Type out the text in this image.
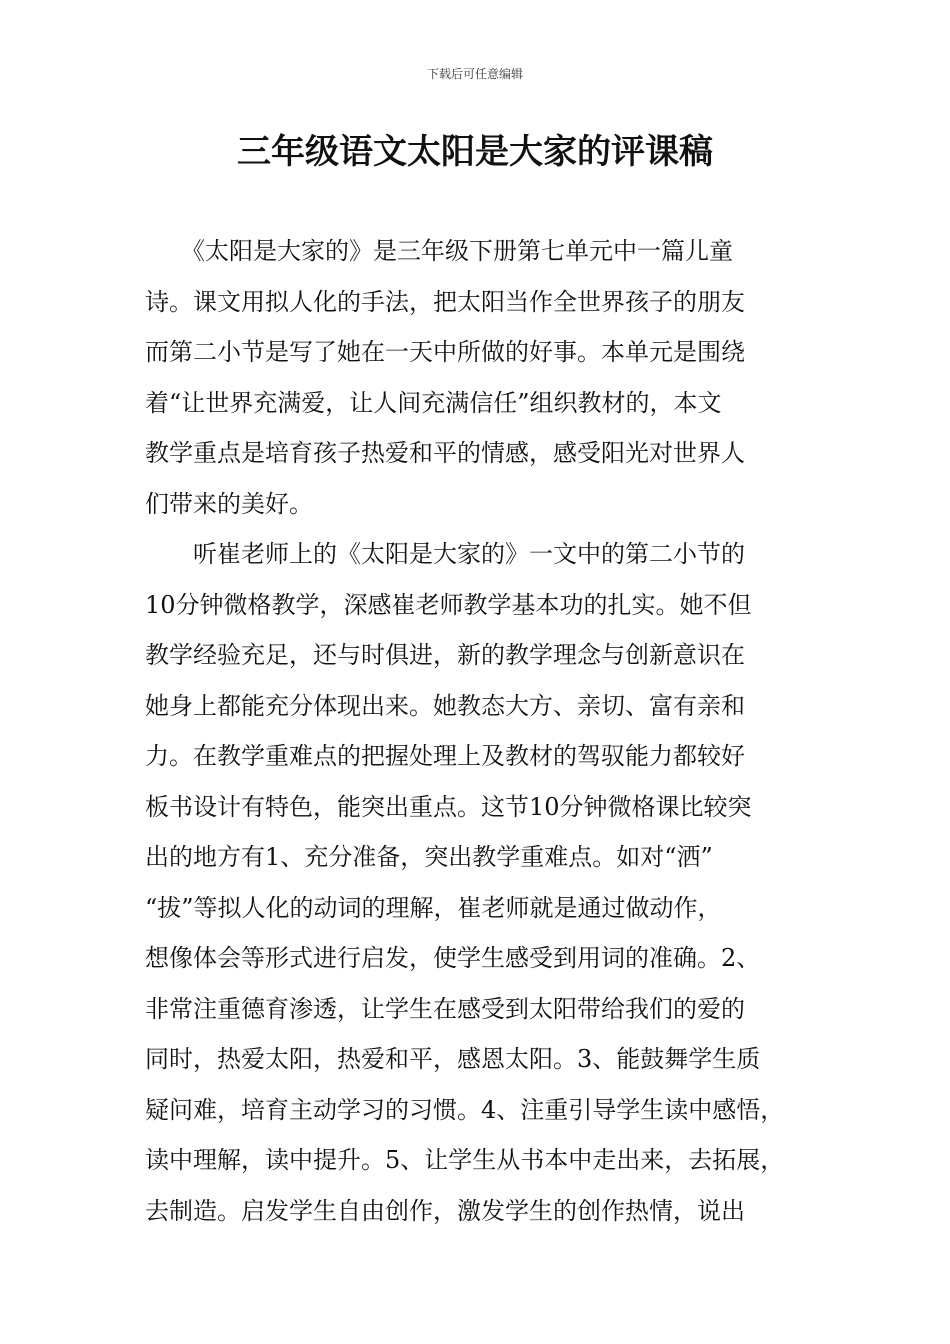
下载后可任意编辑
三年级语文太阳是大家的评课稿
　　《太阳是大家的》是三年级下册第七单元中一篇儿童
诗。课文用拟人化的手法，把太阳当作全世界孩子的朋友
而第二小节是写了她在一天中所做的好事。本单元是围绕
着“让世界充满爱，让人间充满信任”组织教材的，本文
教学重点是培育孩子热爱和平的情感，感受阳光对世界人
们带来的美好。
　　听崔老师上的《太阳是大家的》一文中的第二小节的
10分钟微格教学，深感崔老师教学基本功的扎实。她不但
教学经验充足，还与时俱进，新的教学理念与创新意识在
她身上都能充分体现出来。她教态大方、亲切、富有亲和
力。在教学重难点的把握处理上及教材的驾驭能力都较好
板书设计有特色，能突出重点。这节10分钟微格课比较突
出的地方有1、充分准备，突出教学重难点。如对“洒”
“拔”等拟人化的动词的理解，崔老师就是通过做动作，
想像体会等形式进行启发，使学生感受到用词的准确。2、
非常注重德育渗透，让学生在感受到太阳带给我们的爱的
同时，热爱太阳，热爱和平，感恩太阳。3、能鼓舞学生质
疑问难，培育主动学习的习惯。4、注重引导学生读中感悟，
读中理解，读中提升。5、让学生从书本中走出来，去拓展，
去制造。启发学生自由创作，激发学生的创作热情，说出
